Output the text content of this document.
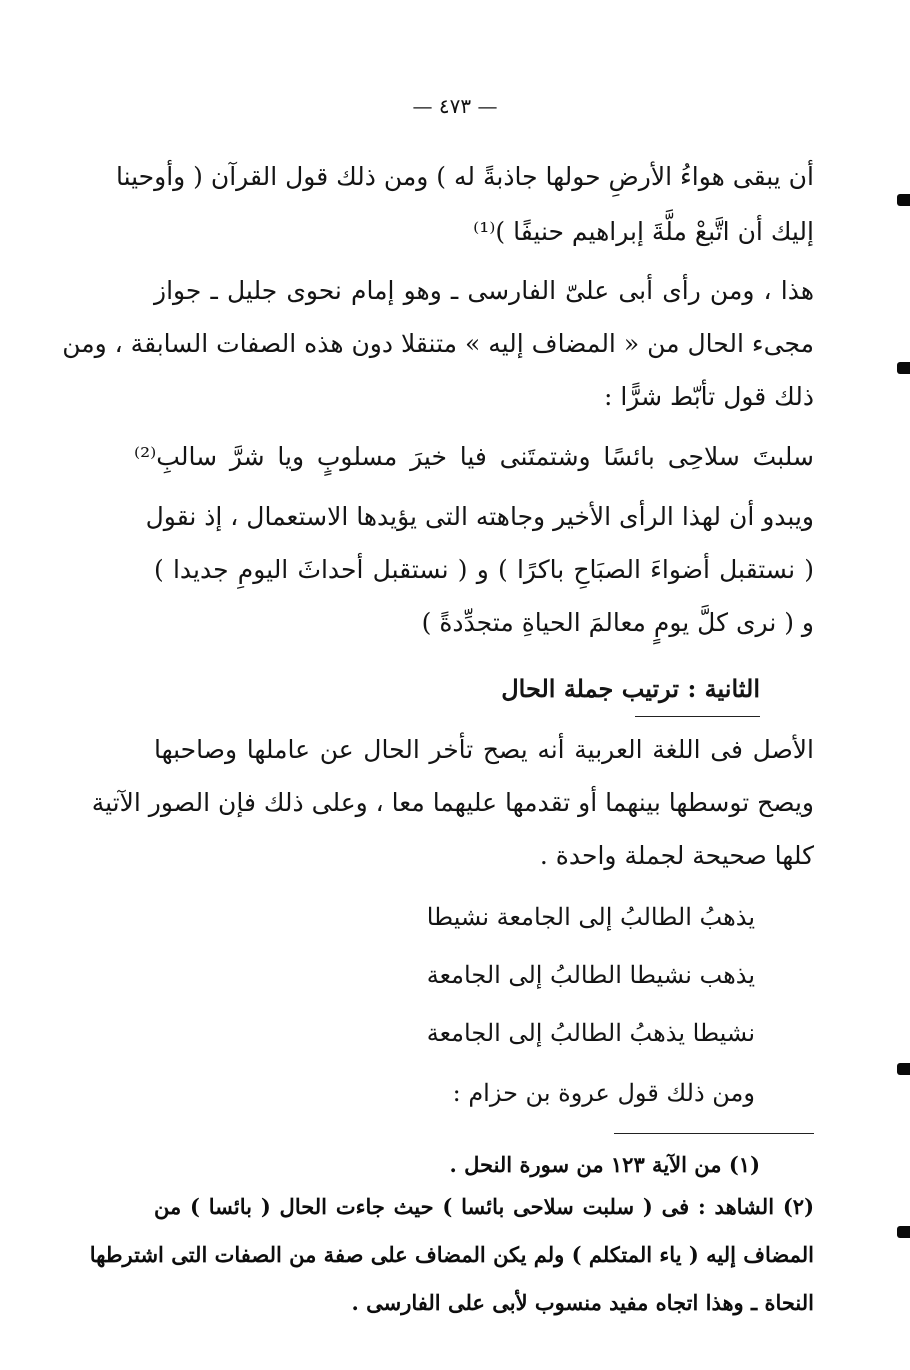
— ٤٧٣ —
أن يبقى هواءُ الأرضِ حولها جاذبةً له ) ومن ذلك قول القرآن ( وأوحينا
إليك أن اتَّبعْ ملَّةَ إبراهيم حنيفًا )⁽¹⁾
هذا ، ومن رأى أبى علىّ الفارسى ـ وهو إمام نحوى جليل ـ جواز
مجىء الحال من « المضاف إليه » متنقلا دون هذه الصفات السابقة ، ومن
ذلك قول تأبّط شرًّا :
سلبتَ سلاحِى بائسًا وشتمتَنى فيا خيرَ مسلوبٍ ويا شرَّ سالبِ⁽²⁾
ويبدو أن لهذا الرأى الأخير وجاهته التى يؤيدها الاستعمال ، إذ نقول
( نستقبل أضواءَ الصبَاحِ باكرًا ) و ( نستقبل أحداثَ اليومِ جديدا )
و ( نرى كلَّ يومٍ معالمَ الحياةِ متجدِّدةً )
الثانية : ترتيب جملة الحال
الأصل فى اللغة العربية أنه يصح تأخر الحال عن عاملها وصاحبها
ويصح توسطها بينهما أو تقدمها عليهما معا ، وعلى ذلك فإن الصور الآتية
كلها صحيحة لجملة واحدة .
يذهبُ الطالبُ إلى الجامعة نشيطا
يذهب نشيطا الطالبُ إلى الجامعة
نشيطا يذهبُ الطالبُ إلى الجامعة
ومن ذلك قول عروة بن حزام :
(١) من الآية ١٢٣ من سورة النحل .
(٢) الشاهد : فى ( سلبت سلاحى بائسا ) حيث جاءت الحال ( بائسا ) من
المضاف إليه ( ياء المتكلم ) ولم يكن المضاف على صفة من الصفات التى اشترطها
النحاة ـ وهذا اتجاه مفيد منسوب لأبى على الفارسى .
